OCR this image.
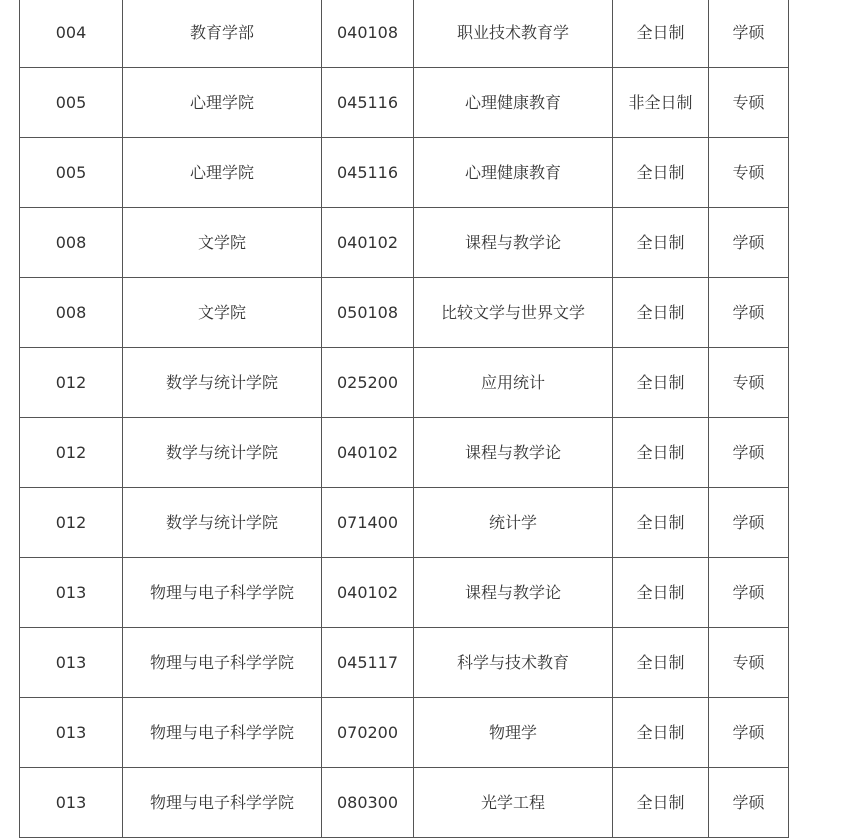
004	教育学部	040108	职业技术教育学	全日制	学硕
005	心理学院	045116	心理健康教育	非全日制	专硕
005	心理学院	045116	心理健康教育	全日制	专硕
008	文学院	040102	课程与教学论	全日制	学硕
008	文学院	050108	比较文学与世界文学	全日制	学硕
012	数学与统计学院	025200	应用统计	全日制	专硕
012	数学与统计学院	040102	课程与教学论	全日制	学硕
012	数学与统计学院	071400	统计学	全日制	学硕
013	物理与电子科学学院	040102	课程与教学论	全日制	学硕
013	物理与电子科学学院	045117	科学与技术教育	全日制	专硕
013	物理与电子科学学院	070200	物理学	全日制	学硕
013	物理与电子科学学院	080300	光学工程	全日制	学硕
